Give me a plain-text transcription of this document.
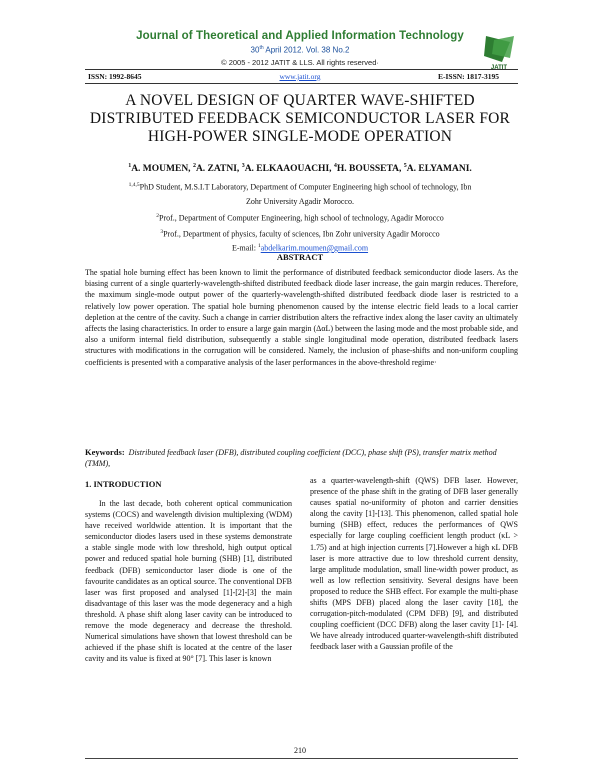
Journal of Theoretical and Applied Information Technology
30th April 2012. Vol. 38 No.2
© 2005 - 2012 JATIT & LLS. All rights reserved·
JATIT
ISSN: 1992-8645	www.jatit.org	E-ISSN: 1817-3195
A NOVEL DESIGN OF QUARTER WAVE-SHIFTED
DISTRIBUTED FEEDBACK SEMICONDUCTOR LASER FOR
HIGH-POWER SINGLE-MODE OPERATION
$^1$A. MOUMEN, $^2$A. ZATNI, $^3$A. ELKAAOUACHI, $^4$H. BOUSSETA, $^5$A. ELYAMANI.
$^{1,4,5}$PhD Student, M.S.I.T Laboratory, Department of Computer Engineering high school of technology, Ibn
Zohr University Agadir Morocco.
$^2$Prof., Department of Computer Engineering, high school of technology, Agadir Morocco
$^3$Prof., Department of physics, faculty of sciences, Ibn Zohr university Agadir Morocco
E-mail: $^1$abdelkarim.moumen@gmail.com
ABSTRACT
The spatial hole burning effect has been known to limit the performance of distributed feedback semiconductor diode lasers. As the biasing current of a single quarterly-wavelength-shifted distributed feedback diode laser increase, the gain margin reduces. Therefore, the maximum single-mode output power of the quarterly-wavelength-shifted distributed feedback diode laser is restricted to a relatively low power operation. The spatial hole burning phenomenon caused by the intense electric field leads to a local carrier depletion at the centre of the cavity. Such a change in carrier distribution alters the refractive index along the laser cavity an ultimately affects the lasing characteristics. In order to ensure a large gain margin (ΔαL) between the lasing mode and the most probable side, and also a uniform internal field distribution, subsequently a stable single longitudinal mode operation, distributed feedback lasers structures with modifications in the corrugation will be considered. Namely, the inclusion of phase-shifts and non-uniform coupling coefficients is presented with a comparative analysis of the laser performances in the above-threshold regime·
Keywords: Distributed feedback laser (DFB), distributed coupling coefficient (DCC), phase shift (PS), transfer matrix method (TMM),
1. INTRODUCTION
In the last decade, both coherent optical communication systems (COCS) and wavelength division multiplexing (WDM) have received worldwide attention. It is important that the semiconductor diodes lasers used in these systems demonstrate a stable single mode with low threshold, high output optical power and reduced spatial hole burning (SHB) [1], distributed feedback (DFB) semiconductor laser diode is one of the favourite candidates as an optical source. The conventional DFB laser was first proposed and analysed [1]-[2]-[3] the main disadvantage of this laser was the mode degeneracy and a high threshold. A phase shift along laser cavity can be introduced to remove the mode degeneracy and decrease the threshold. Numerical simulations have shown that lowest threshold can be achieved if the phase shift is located at the centre of the laser cavity and its value is fixed at 90° [7]. This laser is known
as a quarter-wavelength-shift (QWS) DFB laser. However, presence of the phase shift in the grating of DFB laser generally causes spatial no-uniformity of photon and carrier densities along the cavity [1]-[13]. This phenomenon, called spatial hole burning (SHB) effect, reduces the performances of QWS especially for large coupling coefficient length product (κL > 1.75) and at high injection currents [7].However a high κL DFB laser is more attractive due to low threshold current density, large amplitude modulation, small line-width power product, as well as low reflection sensitivity. Several designs have been proposed to reduce the SHB effect. For example the multi-phase shifts (MPS DFB) placed along the laser cavity [18], the corrugation-pitch-modulated (CPM DFB) [9], and distributed coupling coefficient (DCC DFB) along the laser cavity [1]- [4]. We have already introduced quarter-wavelength-shift distributed feedback laser with a Gaussian profile of the
210
